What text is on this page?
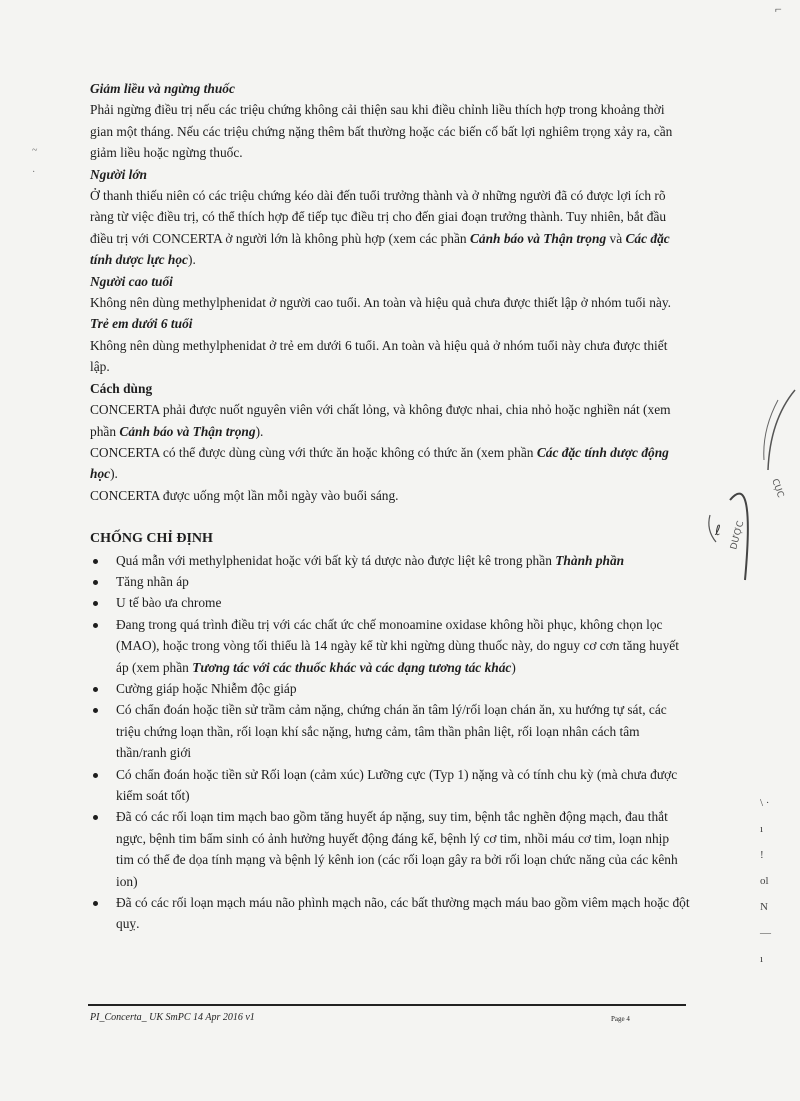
⌐
~

·

Giảm liều và ngừng thuốc

Phải ngừng điều trị nếu các triệu chứng không cải thiện sau khi điều chỉnh liều thích hợp trong khoảng thời gian một tháng. Nếu các triệu chứng nặng thêm bất thường hoặc các biến cố bất lợi nghiêm trọng xảy ra, cần giảm liều hoặc ngừng thuốc.

Người lớn

Ở thanh thiếu niên có các triệu chứng kéo dài đến tuổi trưởng thành và ở những người đã có được lợi ích rõ ràng từ việc điều trị, có thể thích hợp để tiếp tục điều trị cho đến giai đoạn trưởng thành. Tuy nhiên, bắt đầu điều trị với CONCERTA ở người lớn là không phù hợp (xem các phần Cảnh báo và Thận trọng và Các đặc tính dược lực học).

Người cao tuổi

Không nên dùng methylphenidat ở người cao tuổi. An toàn và hiệu quả chưa được thiết lập ở nhóm tuổi này.

Trẻ em dưới 6 tuổi

Không nên dùng methylphenidat ở trẻ em dưới 6 tuổi. An toàn và hiệu quả ở nhóm tuổi này chưa được thiết lập.

Cách dùng

CONCERTA phải được nuốt nguyên viên với chất lỏng, và không được nhai, chia nhỏ hoặc nghiền nát (xem phần Cảnh báo và Thận trọng).

CONCERTA có thể được dùng cùng với thức ăn hoặc không có thức ăn (xem phần Các đặc tính dược động học).

CONCERTA được uống một lần mỗi ngày vào buổi sáng.

CHỐNG CHỈ ĐỊNH

Quá mẫn với methylphenidat hoặc với bất kỳ tá dược nào được liệt kê trong phần Thành phần
Tăng nhãn áp
U tế bào ưa chrome
Đang trong quá trình điều trị với các chất ức chế monoamine oxidase không hồi phục, không chọn lọc (MAO), hoặc trong vòng tối thiểu là 14 ngày kể từ khi ngừng dùng thuốc này, do nguy cơ cơn tăng huyết áp (xem phần Tương tác với các thuốc khác và các dạng tương tác khác)
Cường giáp hoặc Nhiễm độc giáp
Có chẩn đoán hoặc tiền sử trầm cảm nặng, chứng chán ăn tâm lý/rối loạn chán ăn, xu hướng tự sát, các triệu chứng loạn thần, rối loạn khí sắc nặng, hưng cảm, tâm thần phân liệt, rối loạn nhân cách tâm thần/ranh giới
Có chẩn đoán hoặc tiền sử Rối loạn (cảm xúc) Lưỡng cực (Typ 1) nặng và có tính chu kỳ (mà chưa được kiểm soát tốt)
Đã có các rối loạn tim mạch bao gồm tăng huyết áp nặng, suy tim, bệnh tắc nghẽn động mạch, đau thắt ngực, bệnh tim bẩm sinh có ảnh hưởng huyết động đáng kể, bệnh lý cơ tim, nhồi máu cơ tim, loạn nhịp tim có thể đe dọa tính mạng và bệnh lý kênh ion (các rối loạn gây ra bởi rối loạn chức năng của các kênh ion)
Đã có các rối loạn mạch máu não phình mạch não, các bất thường mạch máu bao gồm viêm mạch hoặc đột quỵ.
CỤC
ℓ DƯỢC
\ ·
ı
ǃ
ol
Ν
—
ı
PI_Concerta_ UK SmPC 14 Apr 2016 v1	Page 4
